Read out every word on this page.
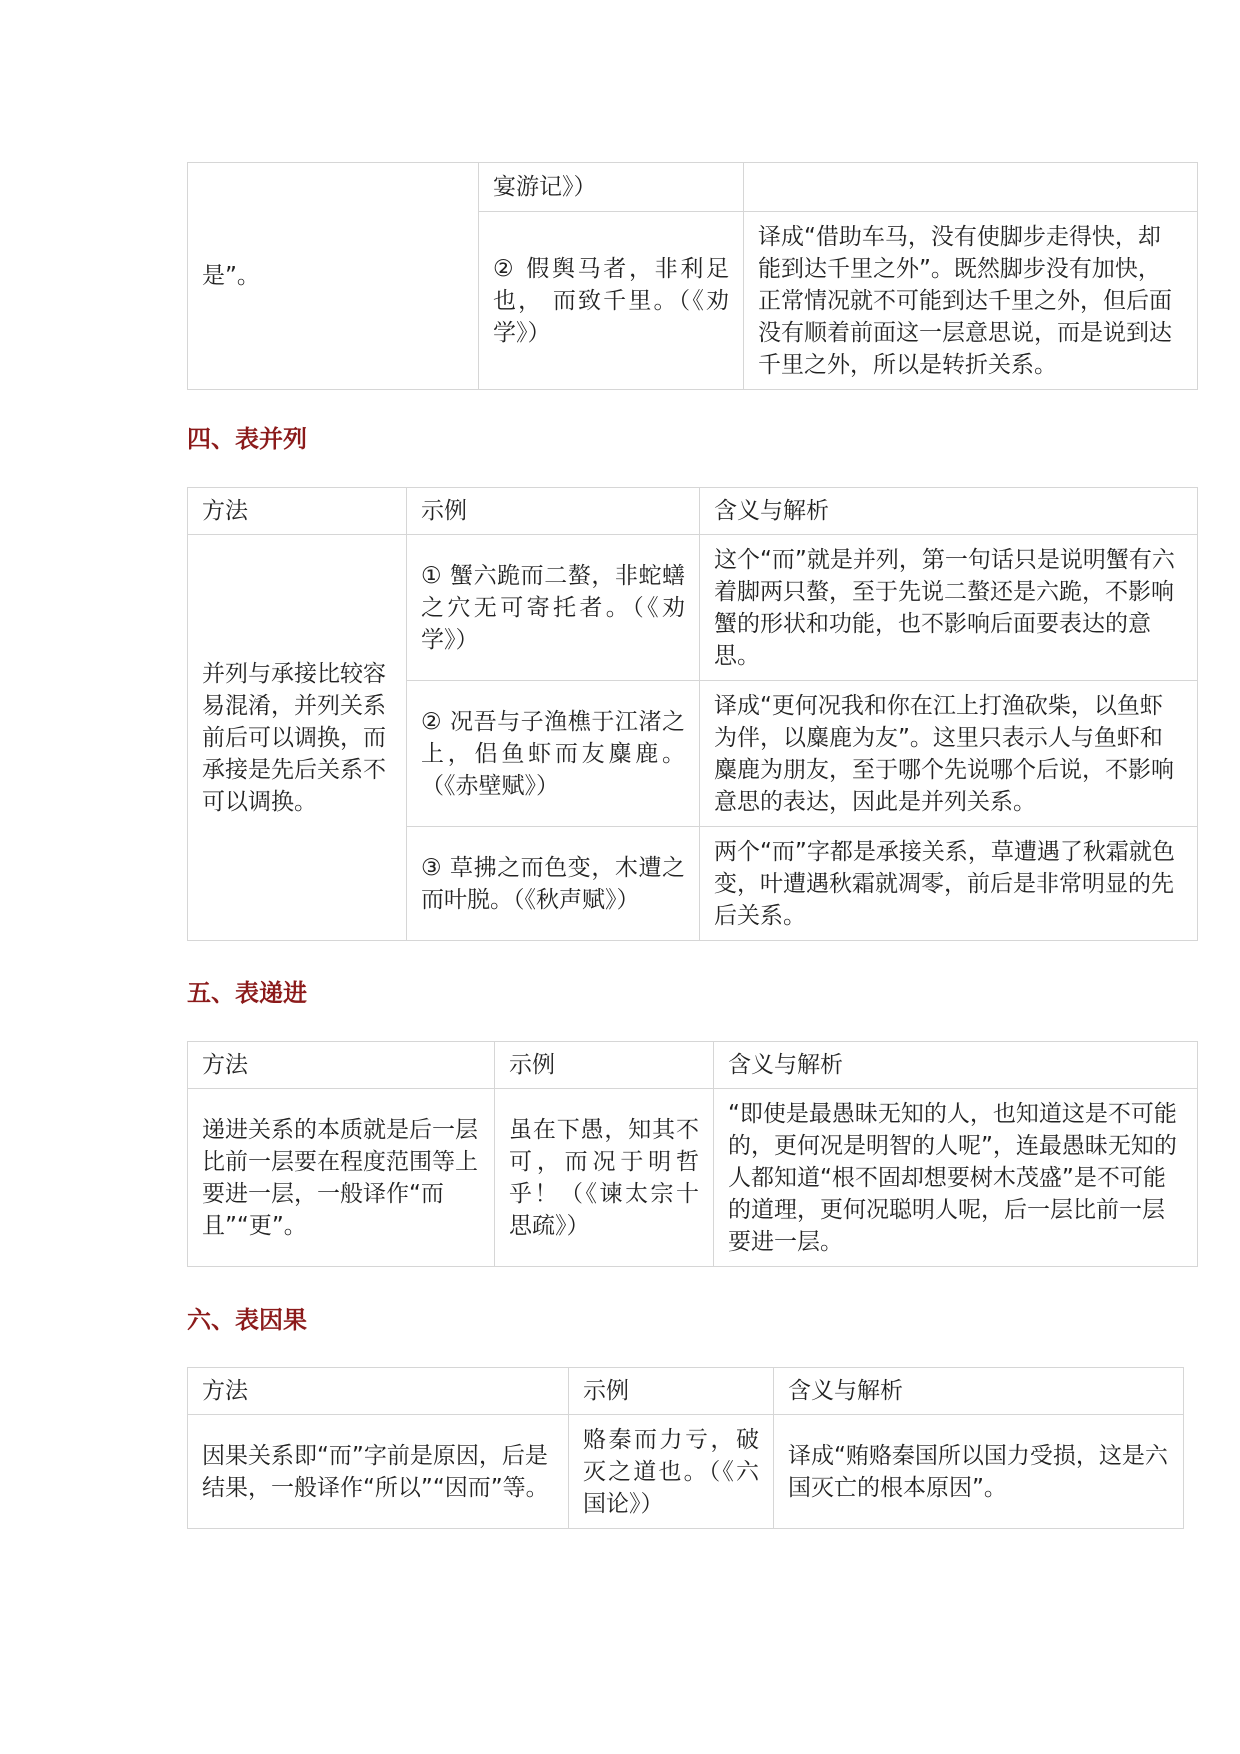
是”。	宴游记》）	
	② 假舆马者，非利足也， 而致千里。（《劝学》）	译成“借助车马，没有使脚步走得快，却能到达千里之外”。既然脚步没有加快，正常情况就不可能到达千里之外，但后面没有顺着前面这一层意思说，而是说到达千里之外，所以是转折关系。
四、表并列
方法	示例	含义与解析
并列与承接比较容易混淆，并列关系前后可以调换，而承接是先后关系不可以调换。	① 蟹六跪而二螯，非蛇蟮之穴无可寄托者。（《劝学》）	这个“而”就是并列，第一句话只是说明蟹有六着脚两只螯，至于先说二螯还是六跪，不影响蟹的形状和功能，也不影响后面要表达的意思。
	② 况吾与子渔樵于江渚之上，侣鱼虾而友麋鹿。（《赤壁赋》）	译成“更何况我和你在江上打渔砍柴，以鱼虾为伴，以麋鹿为友”。这里只表示人与鱼虾和麋鹿为朋友，至于哪个先说哪个后说，不影响意思的表达，因此是并列关系。
	③ 草拂之而色变，木遭之而叶脱。（《秋声赋》）	两个“而”字都是承接关系，草遭遇了秋霜就色变，叶遭遇秋霜就凋零，前后是非常明显的先后关系。
五、表递进
方法	示例	含义与解析
递进关系的本质就是后一层比前一层要在程度范围等上要进一层，一般译作“而且”“更”。	虽在下愚，知其不可，而况于明哲乎！（《谏太宗十思疏》）	“即使是最愚昧无知的人，也知道这是不可能的，更何况是明智的人呢”，连最愚昧无知的人都知道“根不固却想要树木茂盛”是不可能的道理，更何况聪明人呢，后一层比前一层要进一层。
六、表因果
方法	示例	含义与解析
因果关系即“而”字前是原因，后是结果，一般译作“所以”“因而”等。	赂秦而力亏，破灭之道也。（《六国论》）	译成“贿赂秦国所以国力受损，这是六国灭亡的根本原因”。
